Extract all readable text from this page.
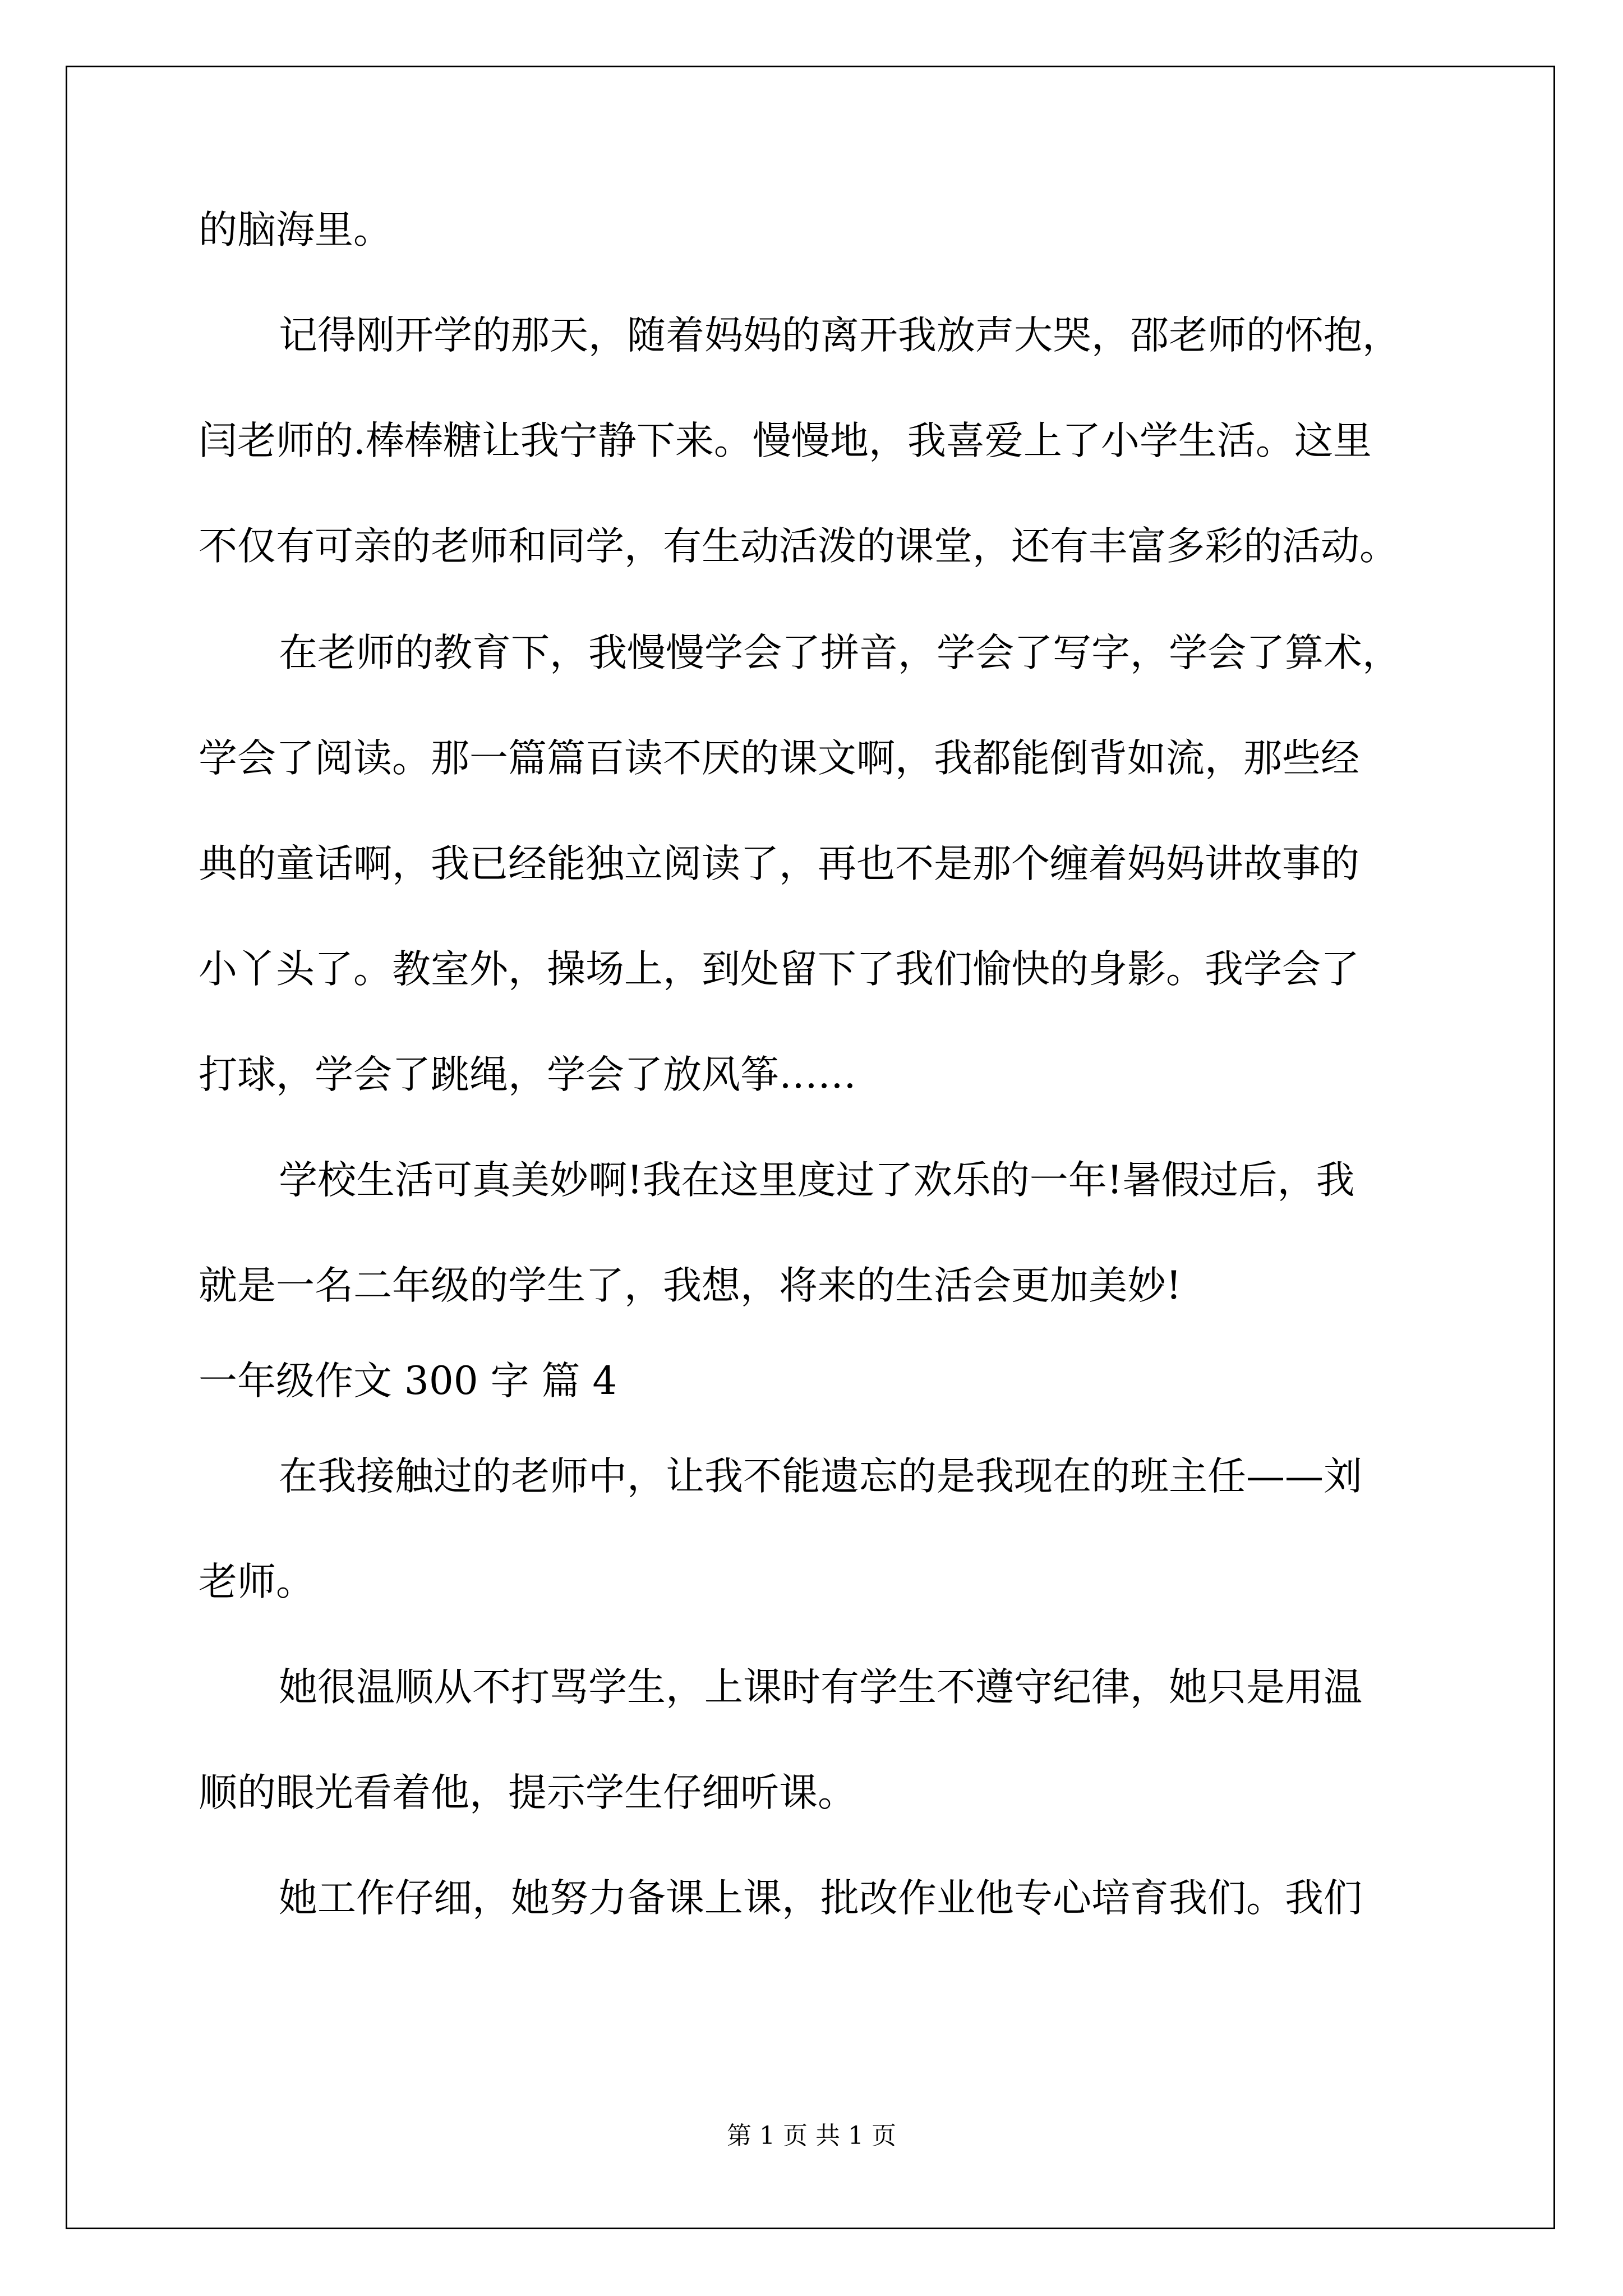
的脑海里。
记得刚开学的那天，随着妈妈的离开我放声大哭，邵老师的怀抱，
闫老师的.棒棒糖让我宁静下来。慢慢地，我喜爱上了小学生活。这里
不仅有可亲的老师和同学，有生动活泼的课堂，还有丰富多彩的活动。
在老师的教育下，我慢慢学会了拼音，学会了写字，学会了算术，
学会了阅读。那一篇篇百读不厌的课文啊，我都能倒背如流，那些经
典的童话啊，我已经能独立阅读了，再也不是那个缠着妈妈讲故事的
小丫头了。教室外，操场上，到处留下了我们愉快的身影。我学会了
打球，学会了跳绳，学会了放风筝……
学校生活可真美妙啊!我在这里度过了欢乐的一年!暑假过后，我
就是一名二年级的学生了，我想，将来的生活会更加美妙!
一年级作文 300 字 篇 4
在我接触过的老师中，让我不能遗忘的是我现在的班主任——刘
老师。
她很温顺从不打骂学生，上课时有学生不遵守纪律，她只是用温
顺的眼光看着他，提示学生仔细听课。
她工作仔细，她努力备课上课，批改作业他专心培育我们。我们
第 1 页 共 1 页
